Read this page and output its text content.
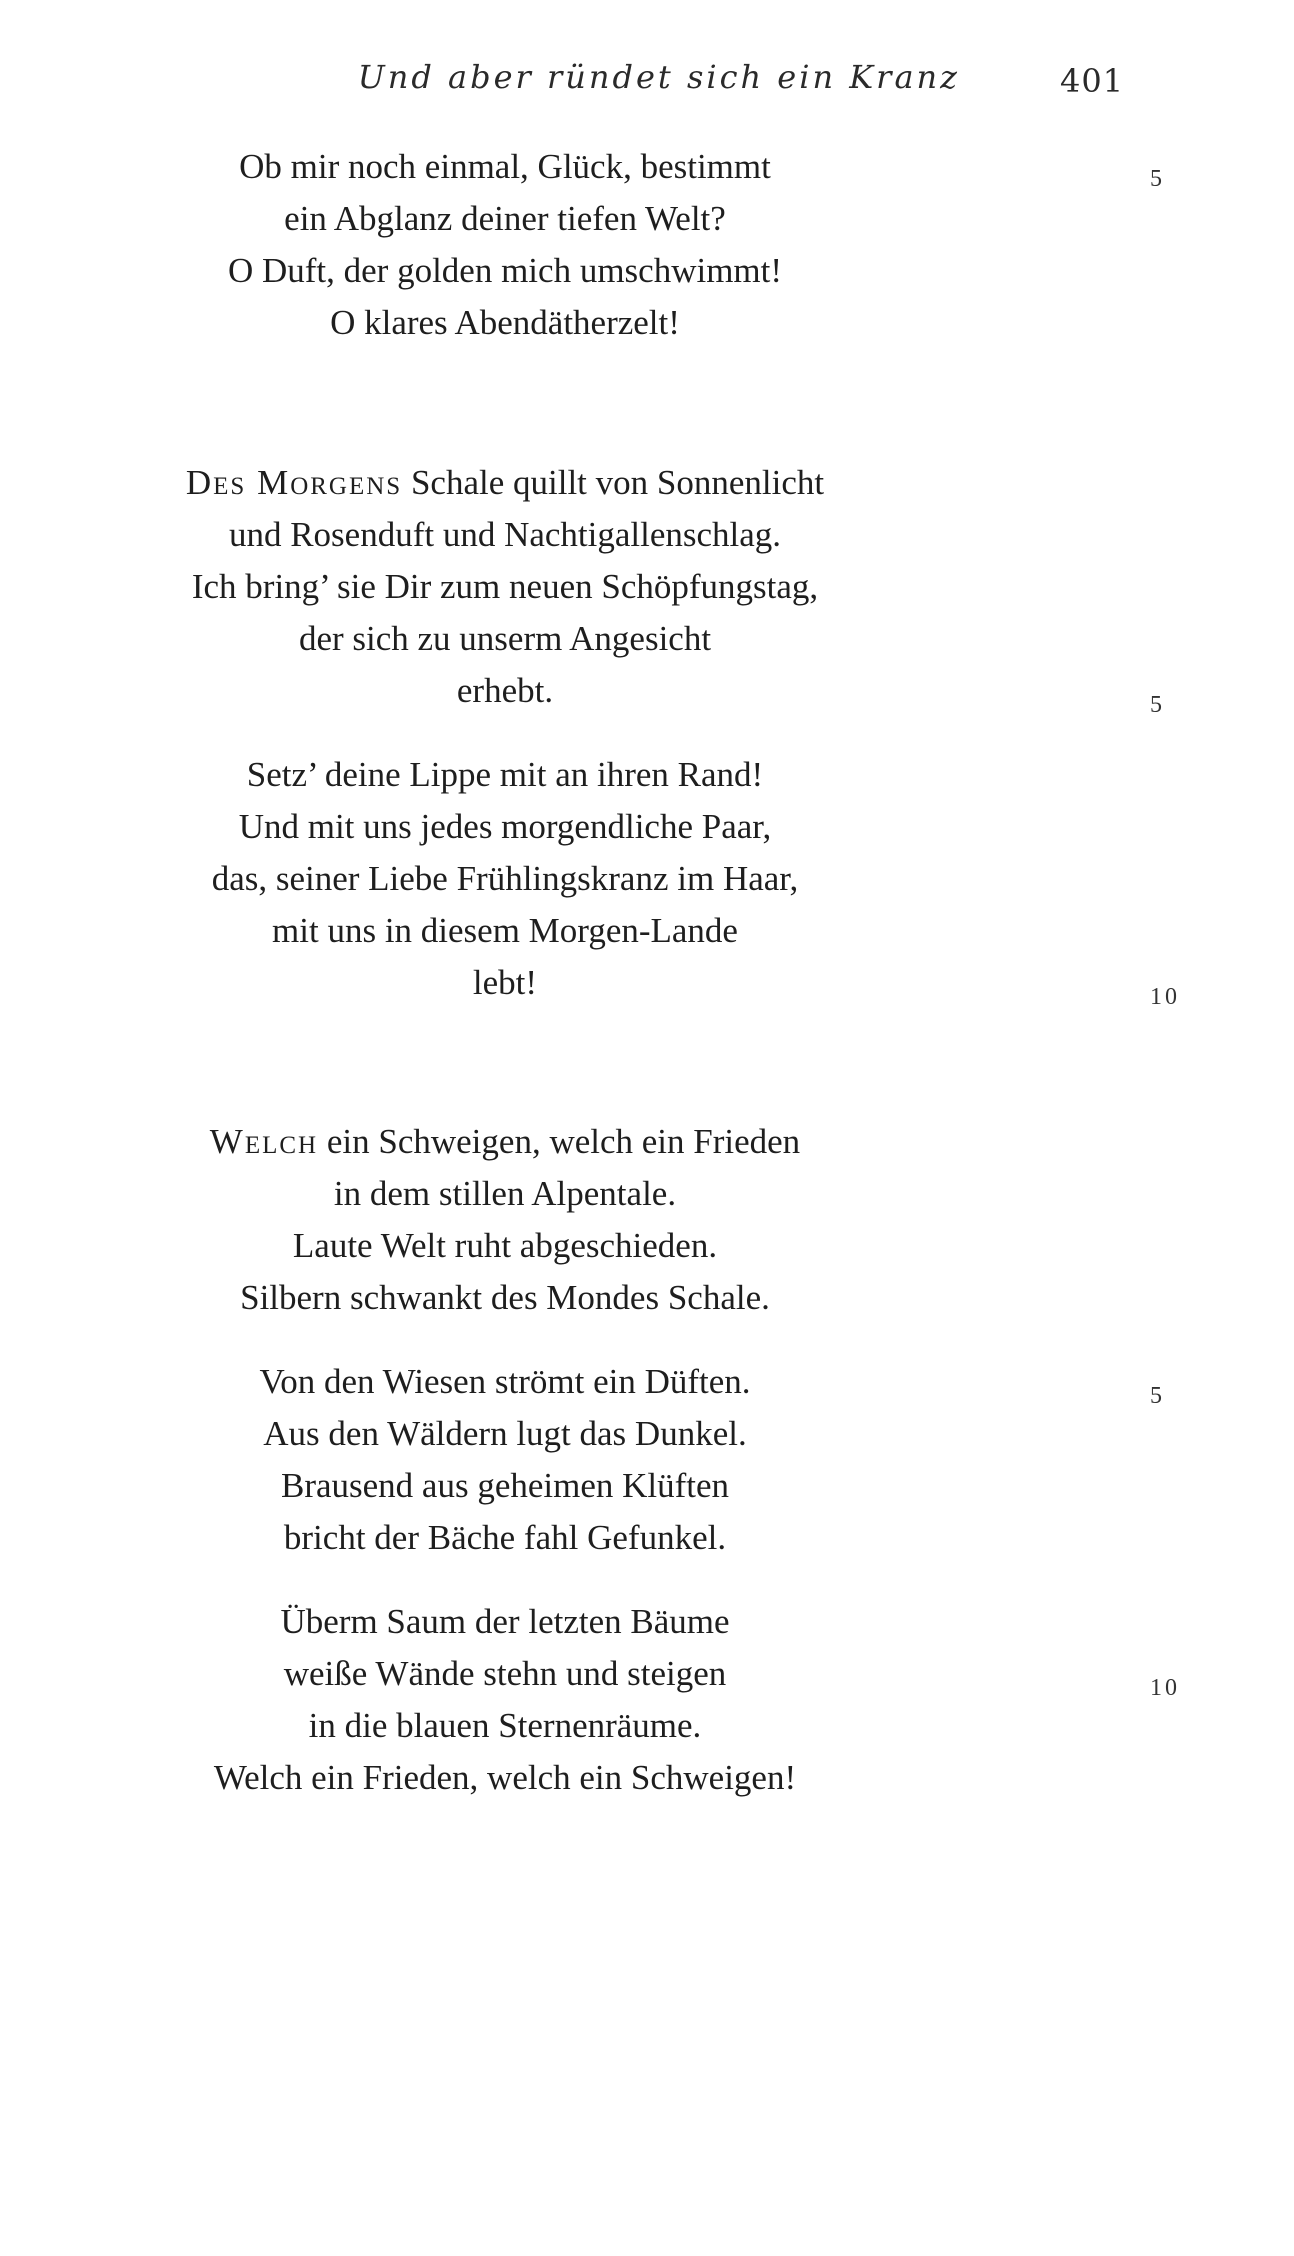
Und aber ründet sich ein Kranz	401
Ob mir noch einmal, Glück, bestimmt
ein Abglanz deiner tiefen Welt?
O Duft, der golden mich umschwimmt!
O klares Abendätherzelt!
5
Des Morgens Schale quillt von Sonnenlicht
und Rosenduft und Nachtigallenschlag.
Ich bring’ sie Dir zum neuen Schöpfungstag,
der sich zu unserm Angesicht
erhebt.	5
Setz’ deine Lippe mit an ihren Rand!
Und mit uns jedes morgendliche Paar,
das, seiner Liebe Frühlingskranz im Haar,
mit uns in diesem Morgen-Lande
lebt!	10
Welch ein Schweigen, welch ein Frieden
in dem stillen Alpentale.
Laute Welt ruht abgeschieden.
Silbern schwankt des Mondes Schale.
Von den Wiesen strömt ein Düften.
Aus den Wäldern lugt das Dunkel.
Brausend aus geheimen Klüften
bricht der Bäche fahl Gefunkel.
5
Überm Saum der letzten Bäume
weiße Wände stehn und steigen
in die blauen Sternenräume.
Welch ein Frieden, welch ein Schweigen!
10
